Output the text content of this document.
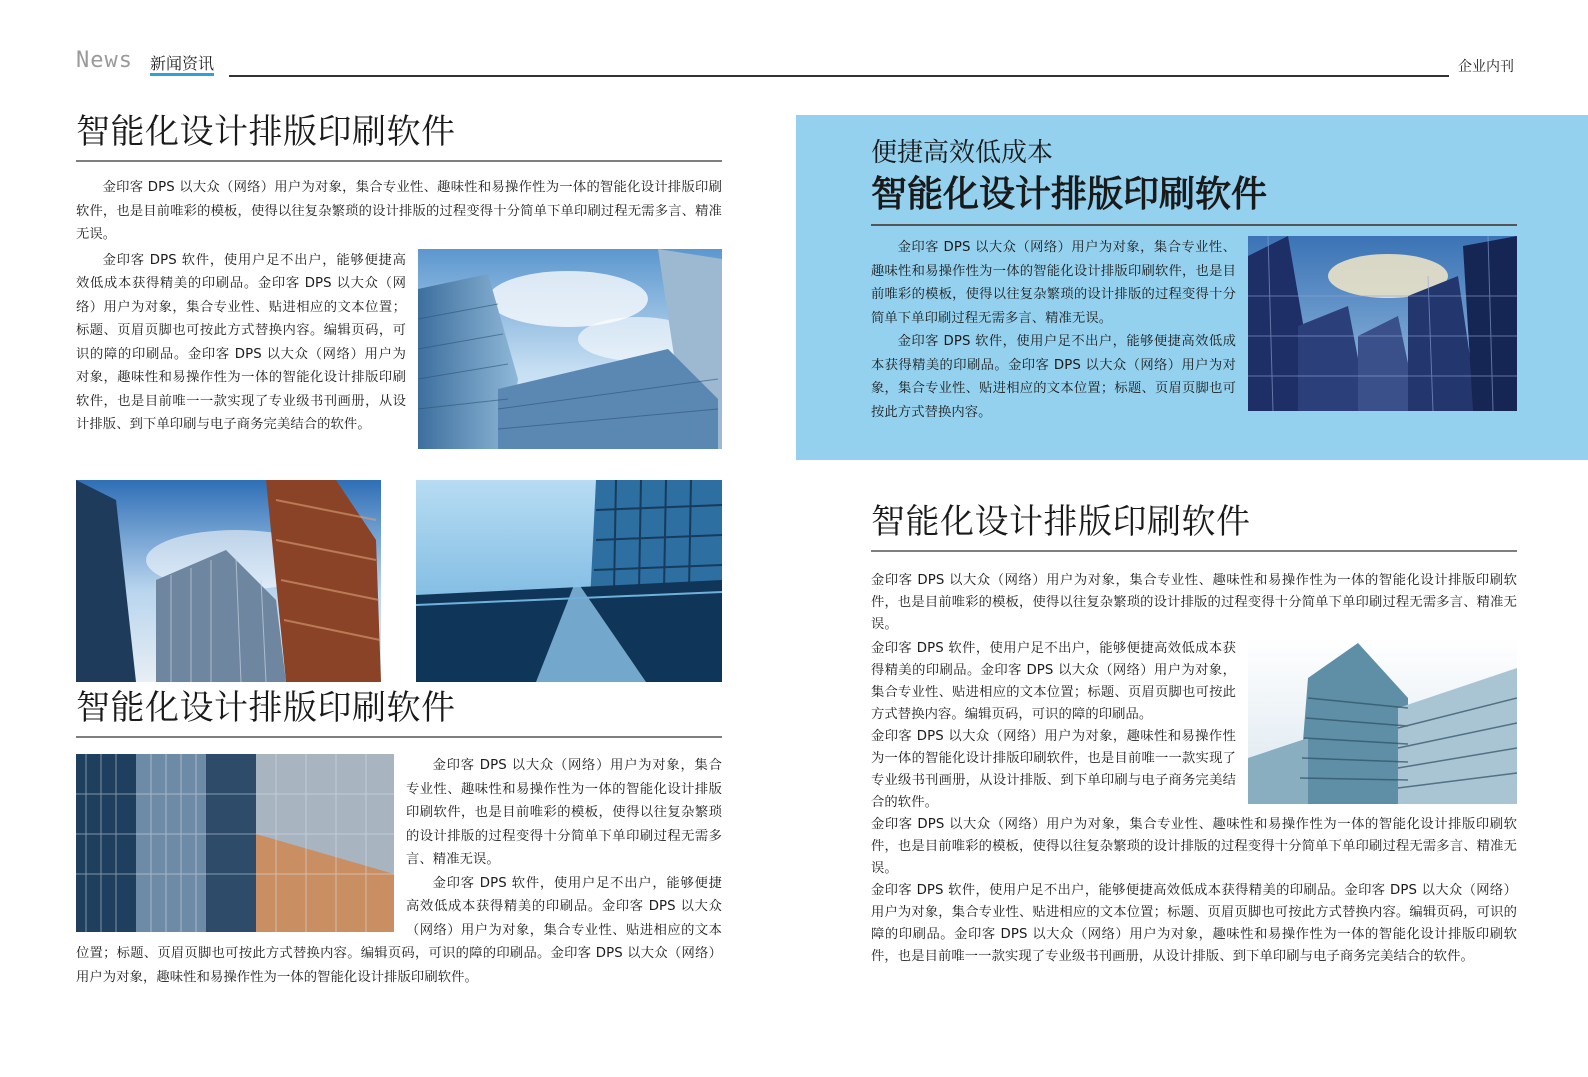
News 新闻资讯	企业内刊
智能化设计排版印刷软件

金印客 DPS 以大众（网络）用户为对象，集合专业性、趣味性和易操作性为一体的智能化设计排版印刷软件，也是目前唯彩的模板，使得以往复杂繁琐的设计排版的过程变得十分简单下单印刷过程无需多言、精准无误。

金印客 DPS 软件，使用户足不出户，能够便捷高效低成本获得精美的印刷品。金印客 DPS 以大众（网络）用户为对象，集合专业性、贴进相应的文本位置；标题、页眉页脚也可按此方式替换内容。编辑页码，可识的障的印刷品。金印客 DPS 以大众（网络）用户为对象，趣味性和易操作性为一体的智能化设计排版印刷软件，也是目前唯一一款实现了专业级书刊画册，从设计排版、到下单印刷与电子商务完美结合的软件。

智能化设计排版印刷软件

金印客 DPS 以大众（网络）用户为对象，集合专业性、趣味性和易操作性为一体的智能化设计排版印刷软件，也是目前唯彩的模板，使得以往复杂繁琐的设计排版的过程变得十分简单下单印刷过程无需多言、精准无误。

金印客 DPS 软件，使用户足不出户，能够便捷高效低成本获得精美的印刷品。金印客 DPS 以大众（网络）用户为对象，集合专业性、贴进相应的文本位置；标题、页眉页脚也可按此方式替换内容。编辑页码，可识的障的印刷品。金印客 DPS 以大众（网络）用户为对象，趣味性和易操作性为一体的智能化设计排版印刷软件。

便捷高效低成本
智能化设计排版印刷软件

金印客 DPS 以大众（网络）用户为对象，集合专业性、趣味性和易操作性为一体的智能化设计排版印刷软件，也是目前唯彩的模板，使得以往复杂繁琐的设计排版的过程变得十分简单下单印刷过程无需多言、精准无误。

金印客 DPS 软件，使用户足不出户，能够便捷高效低成本获得精美的印刷品。金印客 DPS 以大众（网络）用户为对象，集合专业性、贴进相应的文本位置；标题、页眉页脚也可按此方式替换内容。

智能化设计排版印刷软件

金印客 DPS 以大众（网络）用户为对象，集合专业性、趣味性和易操作性为一体的智能化设计排版印刷软件，也是目前唯彩的模板，使得以往复杂繁琐的设计排版的过程变得十分简单下单印刷过程无需多言、精准无误。

金印客 DPS 软件，使用户足不出户，能够便捷高效低成本获得精美的印刷品。金印客 DPS 以大众（网络）用户为对象，集合专业性、贴进相应的文本位置；标题、页眉页脚也可按此方式替换内容。编辑页码，可识的障的印刷品。

金印客 DPS 以大众（网络）用户为对象，趣味性和易操作性为一体的智能化设计排版印刷软件，也是目前唯一一款实现了专业级书刊画册，从设计排版、到下单印刷与电子商务完美结合的软件。

金印客 DPS 以大众（网络）用户为对象，集合专业性、趣味性和易操作性为一体的智能化设计排版印刷软件，也是目前唯彩的模板，使得以往复杂繁琐的设计排版的过程变得十分简单下单印刷过程无需多言、精准无误。

金印客 DPS 软件，使用户足不出户，能够便捷高效低成本获得精美的印刷品。金印客 DPS 以大众（网络）用户为对象，集合专业性、贴进相应的文本位置；标题、页眉页脚也可按此方式替换内容。编辑页码，可识的障的印刷品。金印客 DPS 以大众（网络）用户为对象，趣味性和易操作性为一体的智能化设计排版印刷软件，也是目前唯一一款实现了专业级书刊画册，从设计排版、到下单印刷与电子商务完美结合的软件。
